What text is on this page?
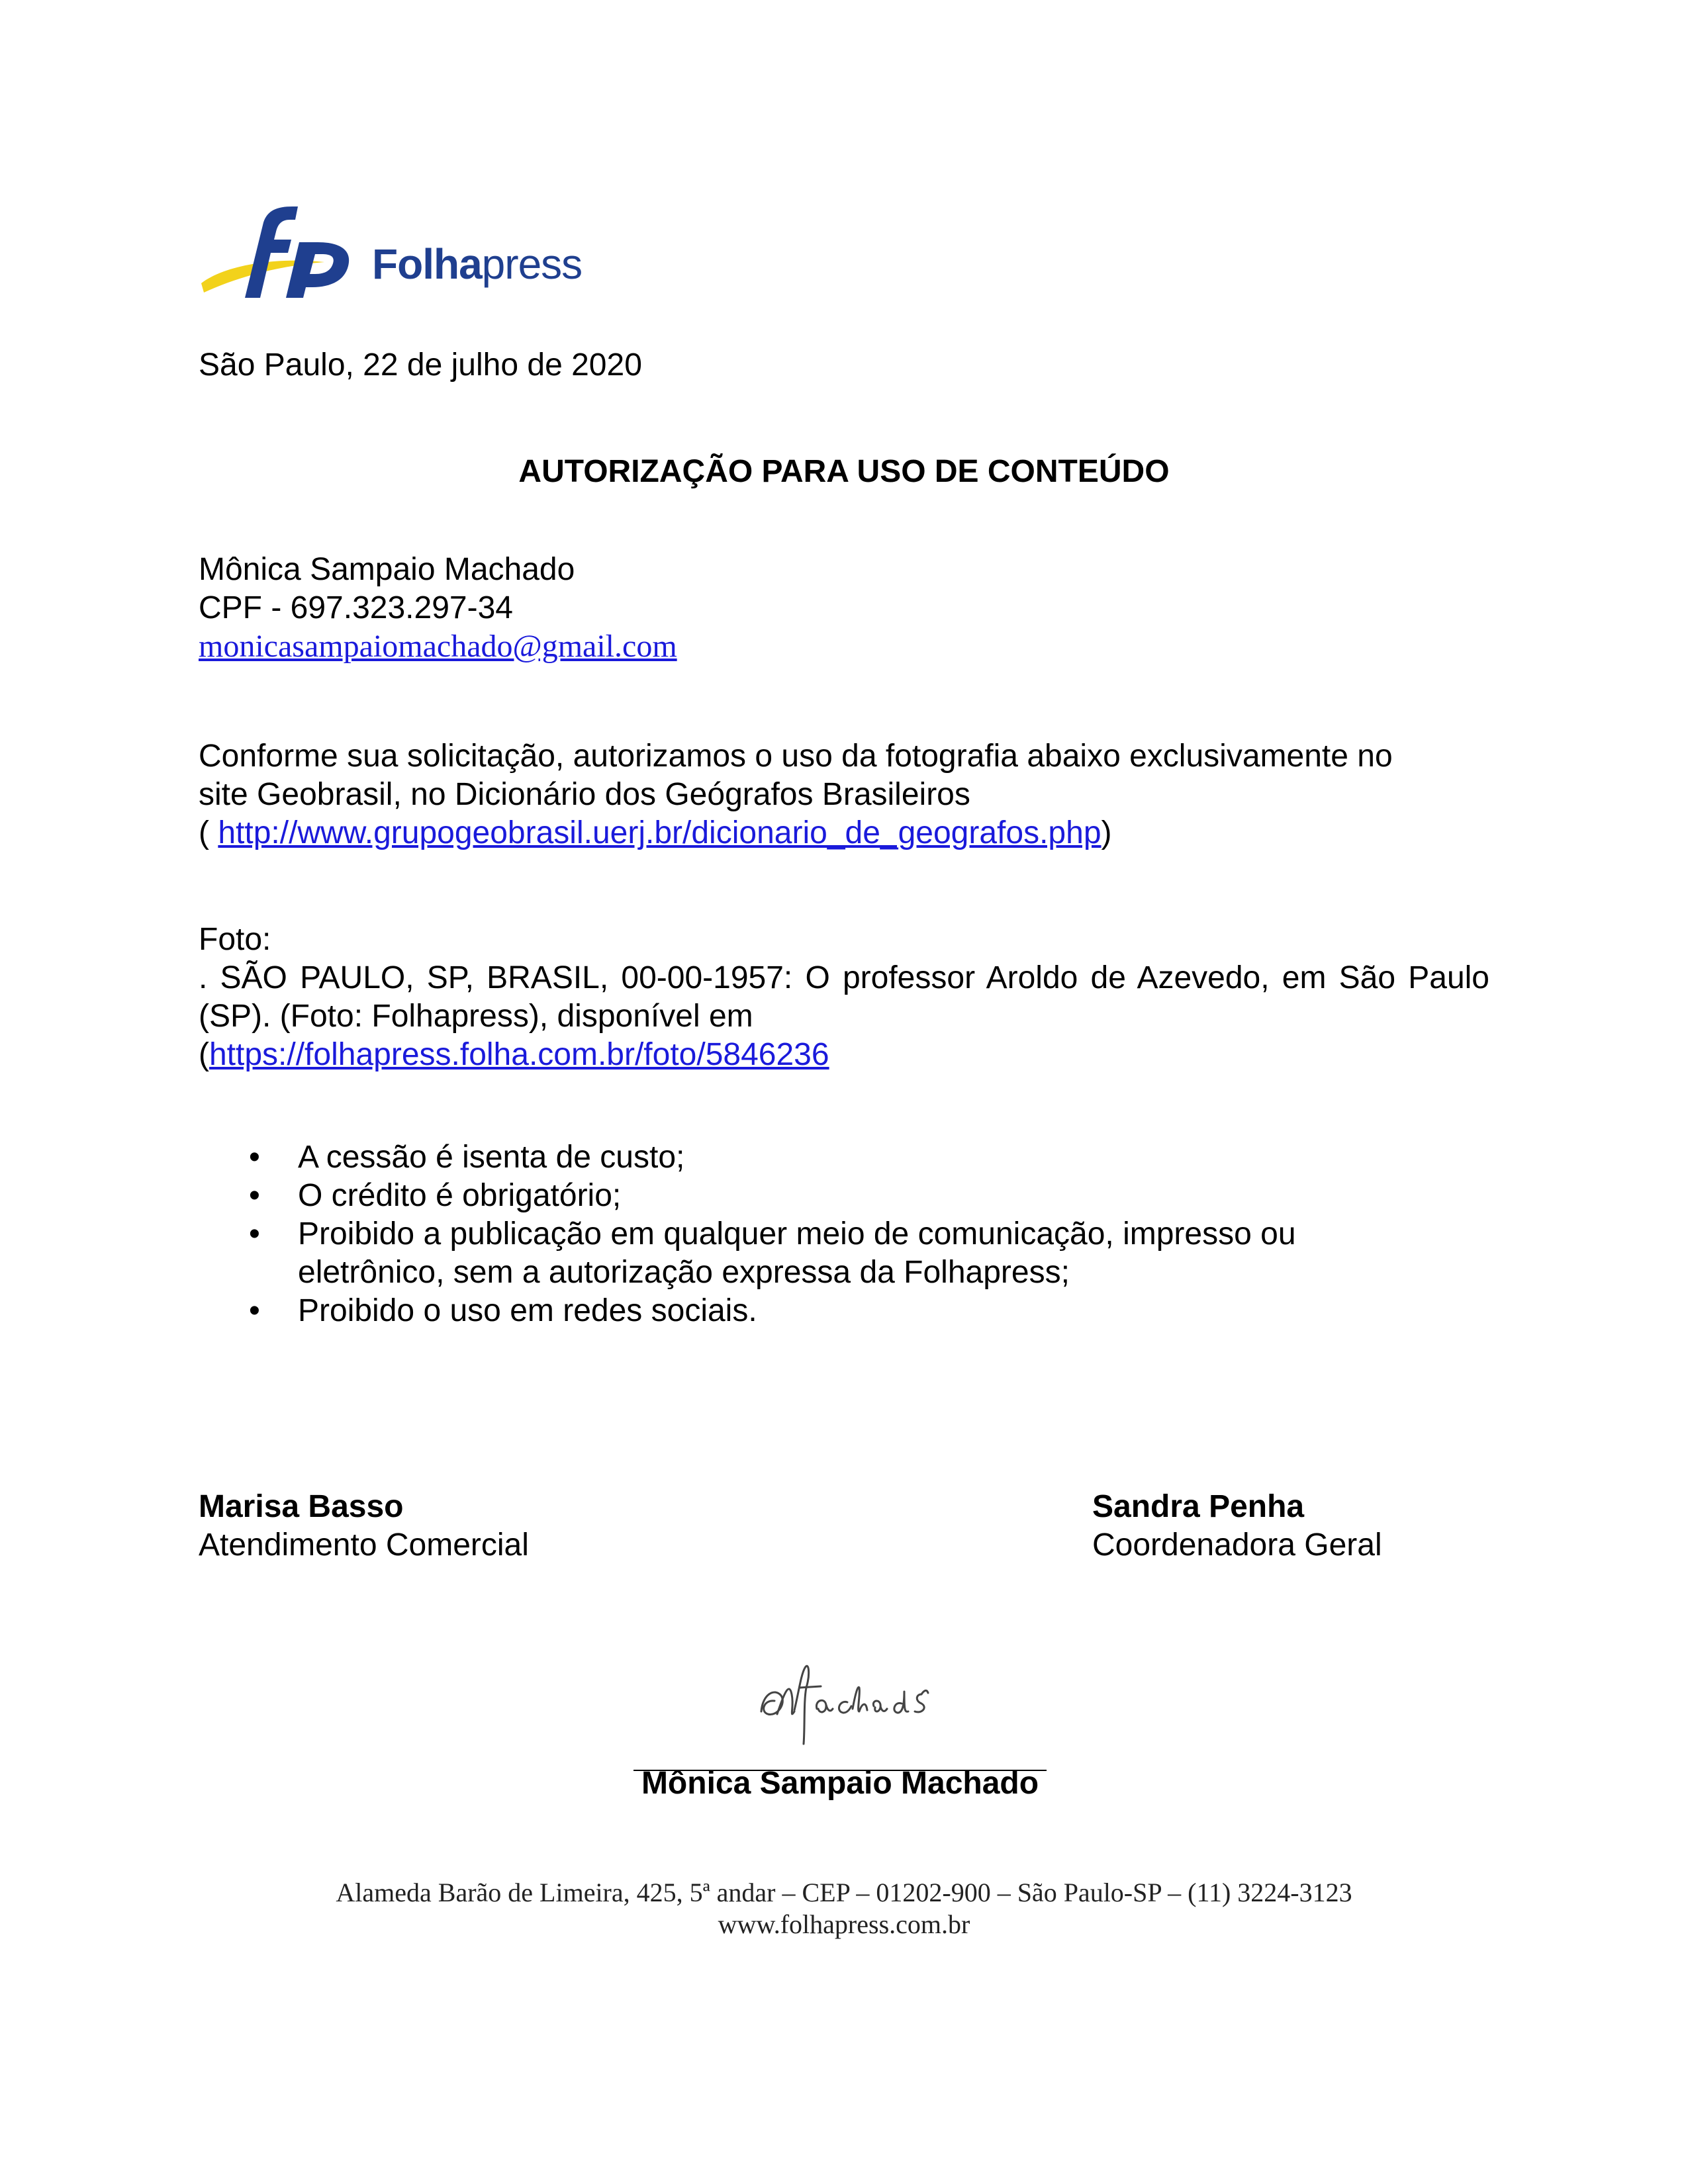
Folhapress
São Paulo, 22 de julho de 2020
AUTORIZAÇÃO PARA USO DE CONTEÚDO
Mônica Sampaio Machado
CPF - 697.323.297-34
monicasampaiomachado@gmail.com
Conforme sua solicitação, autorizamos o uso da fotografia abaixo exclusivamente no
site Geobrasil, no Dicionário dos Geógrafos Brasileiros
( http://www.grupogeobrasil.uerj.br/dicionario_de_geografos.php)
Foto:
. SÃO PAULO, SP, BRASIL, 00-00-1957: O professor Aroldo de Azevedo, em São Paulo (SP). (Foto: Folhapress), disponível em
(https://folhapress.folha.com.br/foto/5846236
• A cessão é isenta de custo;
• O crédito é obrigatório;
• Proibido a publicação em qualquer meio de comunicação, impresso ou eletrônico, sem a autorização expressa da Folhapress;
• Proibido o uso em redes sociais.
Marisa Basso
Atendimento Comercial
Sandra Penha
Coordenadora Geral
Mônica Sampaio Machado
Alameda Barão de Limeira, 425, 5ª andar – CEP – 01202-900 – São Paulo-SP – (11) 3224-3123
www.folhapress.com.br
